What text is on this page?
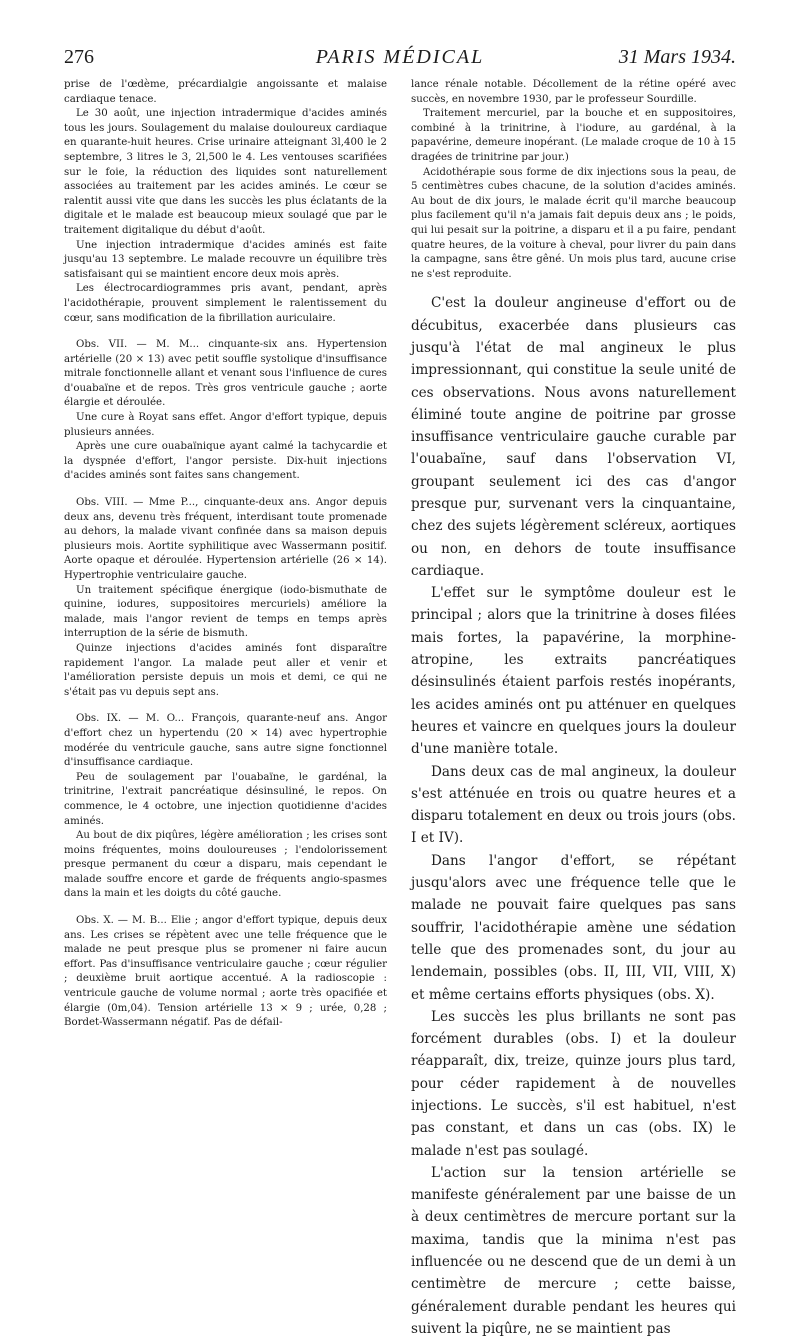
276	PARIS MÉDICAL	31 Mars 1934.

prise de l'œdème, précardialgie angoissante et malaise cardiaque tenace.

Le 30 août, une injection intradermique d'acides aminés tous les jours. Soulagement du malaise douloureux cardiaque en quarante-huit heures. Crise urinaire atteignant 3l,400 le 2 septembre, 3 litres le 3, 2l,500 le 4. Les ventouses scarifiées sur le foie, la réduction des liquides sont naturellement associées au traitement par les acides aminés. Le cœur se ralentit aussi vite que dans les succès les plus éclatants de la digitale et le malade est beaucoup mieux soulagé que par le traitement digitalique du début d'août.

Une injection intradermique d'acides aminés est faite jusqu'au 13 septembre. Le malade recouvre un équilibre très satisfaisant qui se maintient encore deux mois après.

Les électrocardiogrammes pris avant, pendant, après l'acidothérapie, prouvent simplement le ralentissement du cœur, sans modification de la fibrillation auriculaire.

Obs. VII. — M. M... cinquante-six ans. Hypertension artérielle (20 × 13) avec petit souffle systolique d'insuffisance mitrale fonctionnelle allant et venant sous l'influence de cures d'ouabaïne et de repos. Très gros ventricule gauche ; aorte élargie et déroulée.

Une cure à Royat sans effet. Angor d'effort typique, depuis plusieurs années.

Après une cure ouabaïnique ayant calmé la tachycardie et la dyspnée d'effort, l'angor persiste. Dix-huit injections d'acides aminés sont faites sans changement.

Obs. VIII. — Mme P..., cinquante-deux ans. Angor depuis deux ans, devenu très fréquent, interdisant toute promenade au dehors, la malade vivant confinée dans sa maison depuis plusieurs mois. Aortite syphilitique avec Wassermann positif. Aorte opaque et déroulée. Hypertension artérielle (26 × 14). Hypertrophie ventriculaire gauche.

Un traitement spécifique énergique (iodo-bismuthate de quinine, iodures, suppositoires mercuriels) améliore la malade, mais l'angor revient de temps en temps après interruption de la série de bismuth.

Quinze injections d'acides aminés font disparaître rapidement l'angor. La malade peut aller et venir et l'amélioration persiste depuis un mois et demi, ce qui ne s'était pas vu depuis sept ans.

Obs. IX. — M. O... François, quarante-neuf ans. Angor d'effort chez un hypertendu (20 × 14) avec hypertrophie modérée du ventricule gauche, sans autre signe fonctionnel d'insuffisance cardiaque.

Peu de soulagement par l'ouabaïne, le gardénal, la trinitrine, l'extrait pancréatique désinsuliné, le repos. On commence, le 4 octobre, une injection quotidienne d'acides aminés.

Au bout de dix piqûres, légère amélioration ; les crises sont moins fréquentes, moins douloureuses ; l'endolorissement presque permanent du cœur a disparu, mais cependant le malade souffre encore et garde de fréquents angio-spasmes dans la main et les doigts du côté gauche.

Obs. X. — M. B... Elie ; angor d'effort typique, depuis deux ans. Les crises se répètent avec une telle fréquence que le malade ne peut presque plus se promener ni faire aucun effort. Pas d'insuffisance ventriculaire gauche ; cœur régulier ; deuxième bruit aortique accentué. A la radioscopie : ventricule gauche de volume normal ; aorte très opacifiée et élargie (0m,04). Tension artérielle 13 × 9 ; urée, 0,28 ; Bordet-Wassermann négatif. Pas de défail-

lance rénale notable. Décollement de la rétine opéré avec succès, en novembre 1930, par le professeur Sourdille.

Traitement mercuriel, par la bouche et en suppositoires, combiné à la trinitrine, à l'iodure, au gardénal, à la papavérine, demeure inopérant. (Le malade croque de 10 à 15 dragées de trinitrine par jour.)

Acidothérapie sous forme de dix injections sous la peau, de 5 centimètres cubes chacune, de la solution d'acides aminés. Au bout de dix jours, le malade écrit qu'il marche beaucoup plus facilement qu'il n'a jamais fait depuis deux ans ; le poids, qui lui pesait sur la poitrine, a disparu et il a pu faire, pendant quatre heures, de la voiture à cheval, pour livrer du pain dans la campagne, sans être gêné. Un mois plus tard, aucune crise ne s'est reproduite.

C'est la douleur angineuse d'effort ou de décubitus, exacerbée dans plusieurs cas jusqu'à l'état de mal angineux le plus impressionnant, qui constitue la seule unité de ces observations. Nous avons naturellement éliminé toute angine de poitrine par grosse insuffisance ventriculaire gauche curable par l'ouabaïne, sauf dans l'observation VI, groupant seulement ici des cas d'angor presque pur, survenant vers la cinquantaine, chez des sujets légèrement scléreux, aortiques ou non, en dehors de toute insuffisance cardiaque.

L'effet sur le symptôme douleur est le principal ; alors que la trinitrine à doses filées mais fortes, la papavérine, la morphine-atropine, les extraits pancréatiques désinsulinés étaient parfois restés inopérants, les acides aminés ont pu atténuer en quelques heures et vaincre en quelques jours la douleur d'une manière totale.

Dans deux cas de mal angineux, la douleur s'est atténuée en trois ou quatre heures et a disparu totalement en deux ou trois jours (obs. I et IV).

Dans l'angor d'effort, se répétant jusqu'alors avec une fréquence telle que le malade ne pouvait faire quelques pas sans souffrir, l'acidothérapie amène une sédation telle que des promenades sont, du jour au lendemain, possibles (obs. II, III, VII, VIII, X) et même certains efforts physiques (obs. X).

Les succès les plus brillants ne sont pas forcément durables (obs. I) et la douleur réapparaît, dix, treize, quinze jours plus tard, pour céder rapidement à de nouvelles injections. Le succès, s'il est habituel, n'est pas constant, et dans un cas (obs. IX) le malade n'est pas soulagé.

L'action sur la tension artérielle se manifeste généralement par une baisse de un à deux centimètres de mercure portant sur la maxima, tandis que la minima n'est pas influencée ou ne descend que de un demi à un centimètre de mercure ; cette baisse, généralement durable pendant les heures qui suivent la piqûre, ne se maintient pas
